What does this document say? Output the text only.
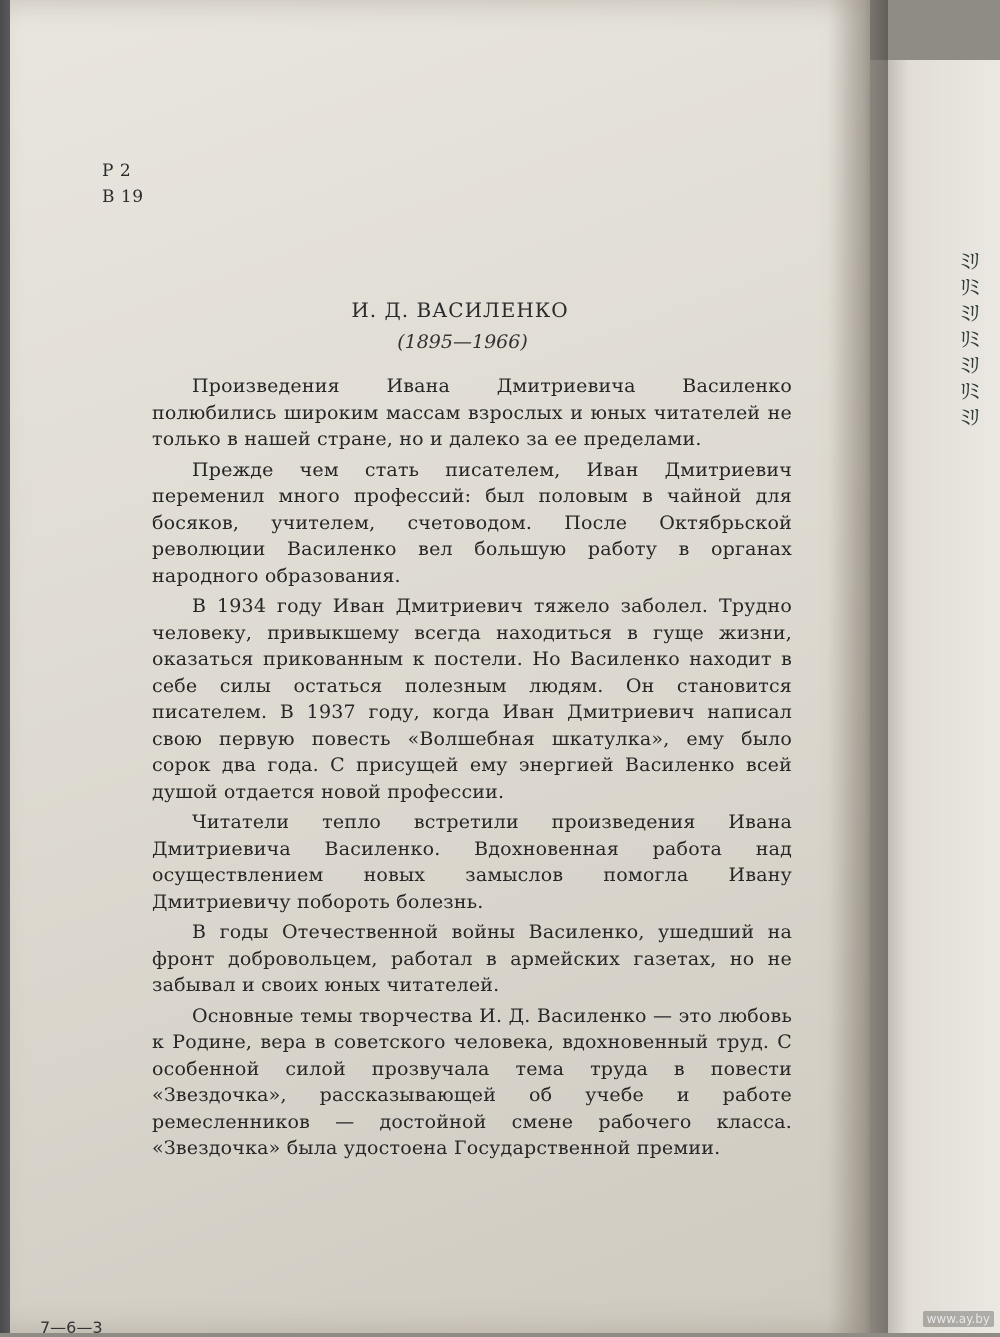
ﾐﾘ
ﾘﾐ
ﾐﾘ
ﾘﾐ
ﾐﾘ
ﾘﾐ
ﾐﾘ
Р 2
В 19
И. Д. ВАСИЛЕНКО
(1895—1966)

Произведения Ивана Дмитриевича Василенко полюбились широким массам взрослых и юных читателей не только в нашей стране, но и далеко за ее пределами.

Прежде чем стать писателем, Иван Дмитриевич переменил много профессий: был половым в чайной для босяков, учителем, счетоводом. После Октябрьской революции Василенко вел большую работу в органах народного образования.

В 1934 году Иван Дмитриевич тяжело заболел. Трудно человеку, привыкшему всегда находиться в гуще жизни, оказаться прикованным к постели. Но Василенко находит в себе силы остаться полезным людям. Он становится писателем. В 1937 году, когда Иван Дмитриевич написал свою первую повесть «Волшебная шкатулка», ему было сорок два года. С присущей ему энергией Василенко всей душой отдается новой профессии.

Читатели тепло встретили произведения Ивана Дмитриевича Василенко. Вдохновенная работа над осуществлением новых замыслов помогла Ивану Дмитриевичу побороть болезнь.

В годы Отечественной войны Василенко, ушедший на фронт добровольцем, работал в армейских газетах, но не забывал и своих юных читателей.

Основные темы творчества И. Д. Василенко — это любовь к Родине, вера в советского человека, вдохновенный труд. С особенной силой прозвучала тема труда в повести «Звездочка», рассказывающей об учебе и работе ремесленников — достойной смене рабочего класса. «Звездочка» была удостоена Государственной премии.

7—6—3	www.ay.by
